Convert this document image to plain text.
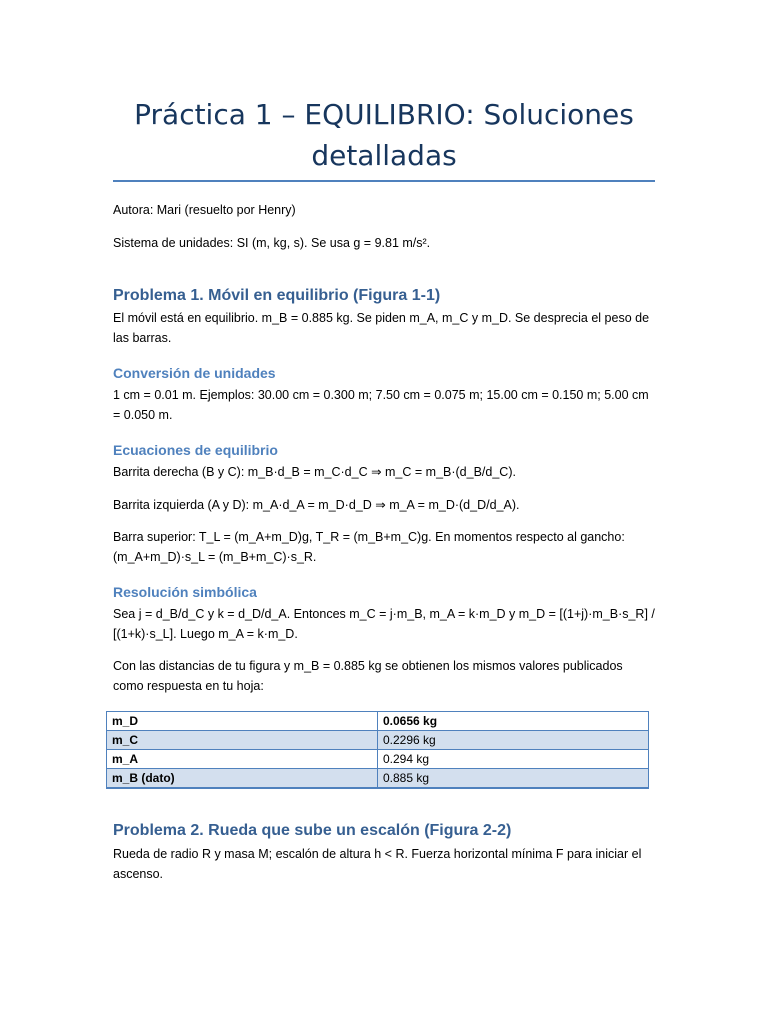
Práctica 1 – EQUILIBRIO: Soluciones detalladas

Autora: Mari (resuelto por Henry)

Sistema de unidades: SI (m, kg, s). Se usa g = 9.81 m/s².

Problema 1. Móvil en equilibrio (Figura 1-1)

El móvil está en equilibrio. m_B = 0.885 kg. Se piden m_A, m_C y m_D. Se desprecia el peso de las barras.

Conversión de unidades

1 cm = 0.01 m. Ejemplos: 30.00 cm = 0.300 m; 7.50 cm = 0.075 m; 15.00 cm = 0.150 m; 5.00 cm = 0.050 m.

Ecuaciones de equilibrio

Barrita derecha (B y C): m_B·d_B = m_C·d_C ⇒ m_C = m_B·(d_B/d_C).

Barrita izquierda (A y D): m_A·d_A = m_D·d_D ⇒ m_A = m_D·(d_D/d_A).

Barra superior: T_L = (m_A+m_D)g, T_R = (m_B+m_C)g. En momentos respecto al gancho: (m_A+m_D)·s_L = (m_B+m_C)·s_R.

Resolución simbólica

Sea j = d_B/d_C y k = d_D/d_A. Entonces m_C = j·m_B, m_A = k·m_D y m_D = [(1+j)·m_B·s_R] / [(1+k)·s_L]. Luego m_A = k·m_D.

Con las distancias de tu figura y m_B = 0.885 kg se obtienen los mismos valores publicados como respuesta en tu hoja:

m_D	0.0656 kg
m_C	0.2296 kg
m_A	0.294 kg
m_B (dato)	0.885 kg
Problema 2. Rueda que sube un escalón (Figura 2-2)

Rueda de radio R y masa M; escalón de altura h < R. Fuerza horizontal mínima F para iniciar el ascenso.
